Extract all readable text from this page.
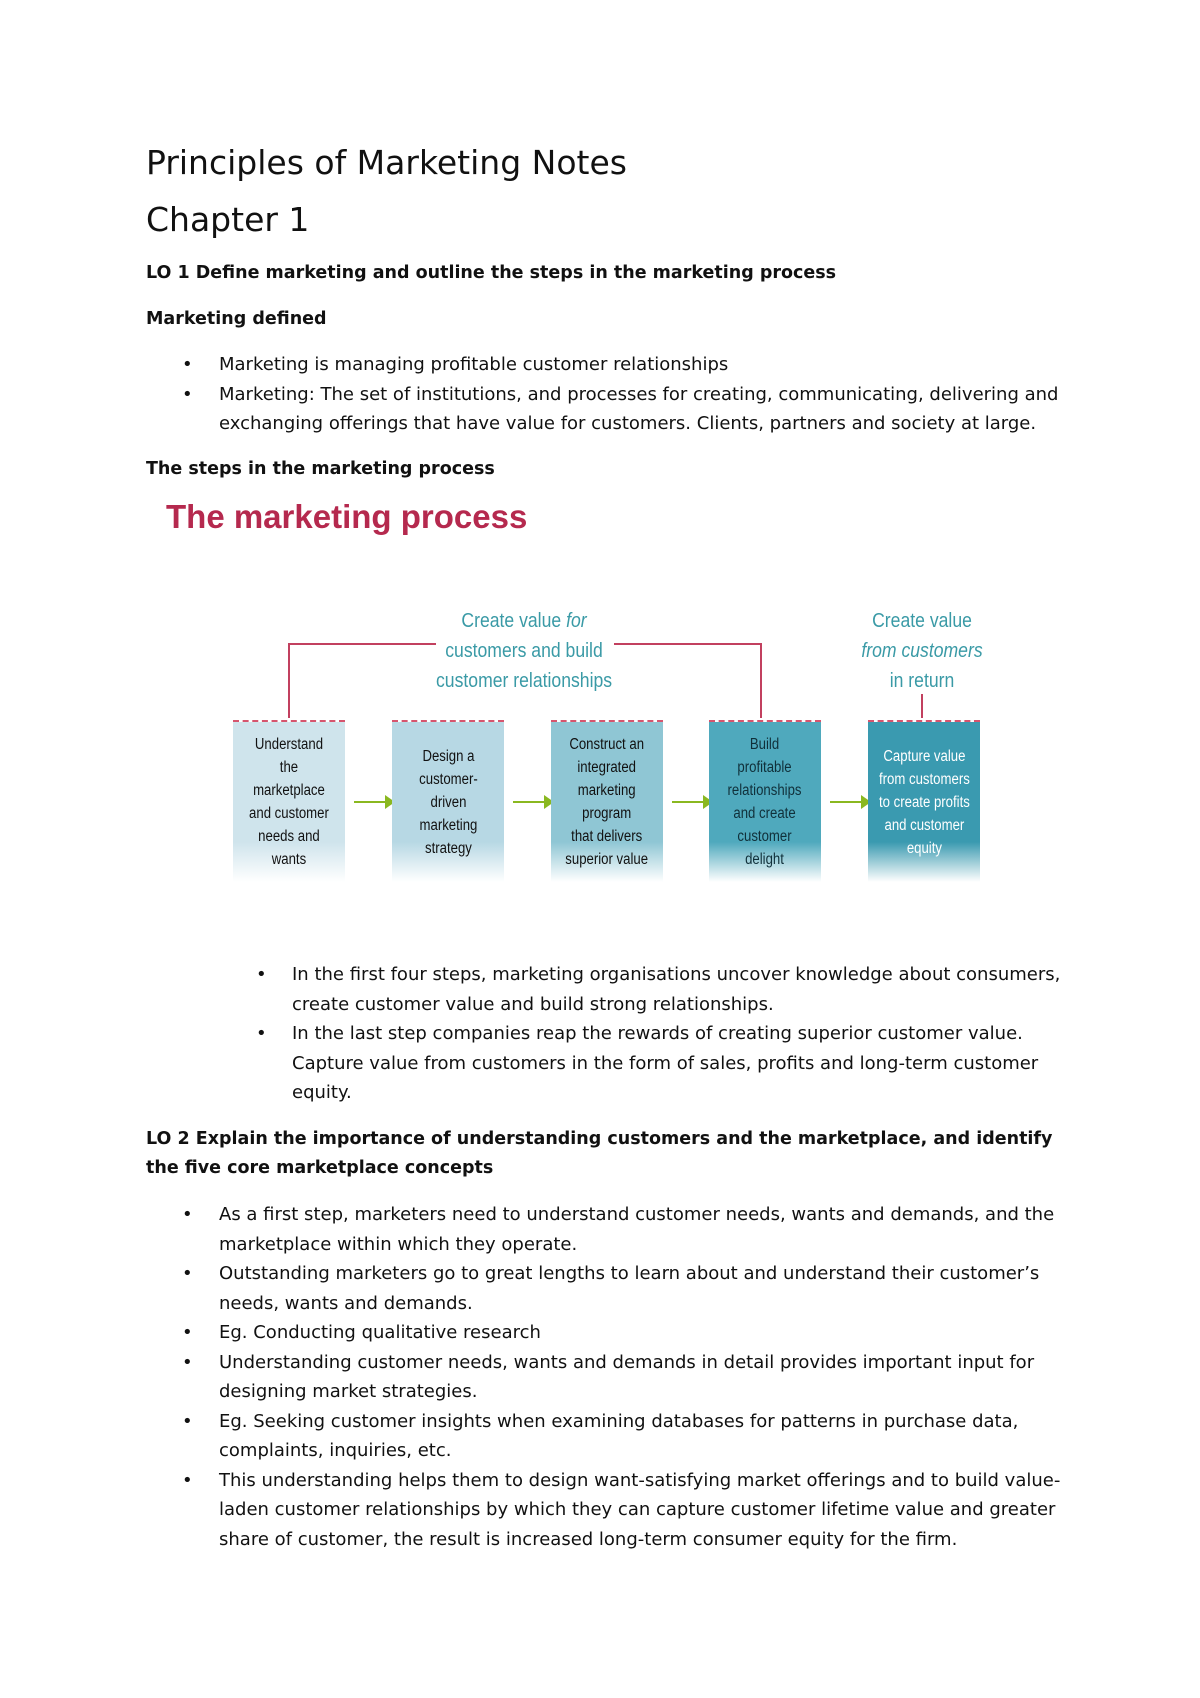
Principles of Marketing Notes
Chapter 1
LO 1 Define marketing and outline the steps in the marketing process
Marketing defined
• Marketing is managing profitable customer relationships
• Marketing: The set of institutions, and processes for creating, communicating, delivering and exchanging offerings that have value for customers. Clients, partners and society at large.
The steps in the marketing process
• In the first four steps, marketing organisations uncover knowledge about consumers, create customer value and build strong relationships.
• In the last step companies reap the rewards of creating superior customer value. Capture value from customers in the form of sales, profits and long-term customer equity.
LO 2 Explain the importance of understanding customers and the marketplace, and identify the five core marketplace concepts
• As a first step, marketers need to understand customer needs, wants and demands, and the marketplace within which they operate.
• Outstanding marketers go to great lengths to learn about and understand their customer’s needs, wants and demands.
• Eg. Conducting qualitative research
• Understanding customer needs, wants and demands in detail provides important input for designing market strategies.
• Eg. Seeking customer insights when examining databases for patterns in purchase data, complaints, inquiries, etc.
• This understanding helps them to design want-satisfying market offerings and to build value-laden customer relationships by which they can capture customer lifetime value and greater share of customer, the result is increased long-term consumer equity for the firm.
The marketing process
Create value for
customers and build
customer relationships
Create value
from customers
in return
Understand
the
marketplace
and customer
needs and
wants
Design a
customer-
driven
marketing
strategy
Construct an
integrated
marketing
program
that delivers
superior value
Build
profitable
relationships
and create
customer
delight
Capture value
from customers
to create profits
and customer
equity
